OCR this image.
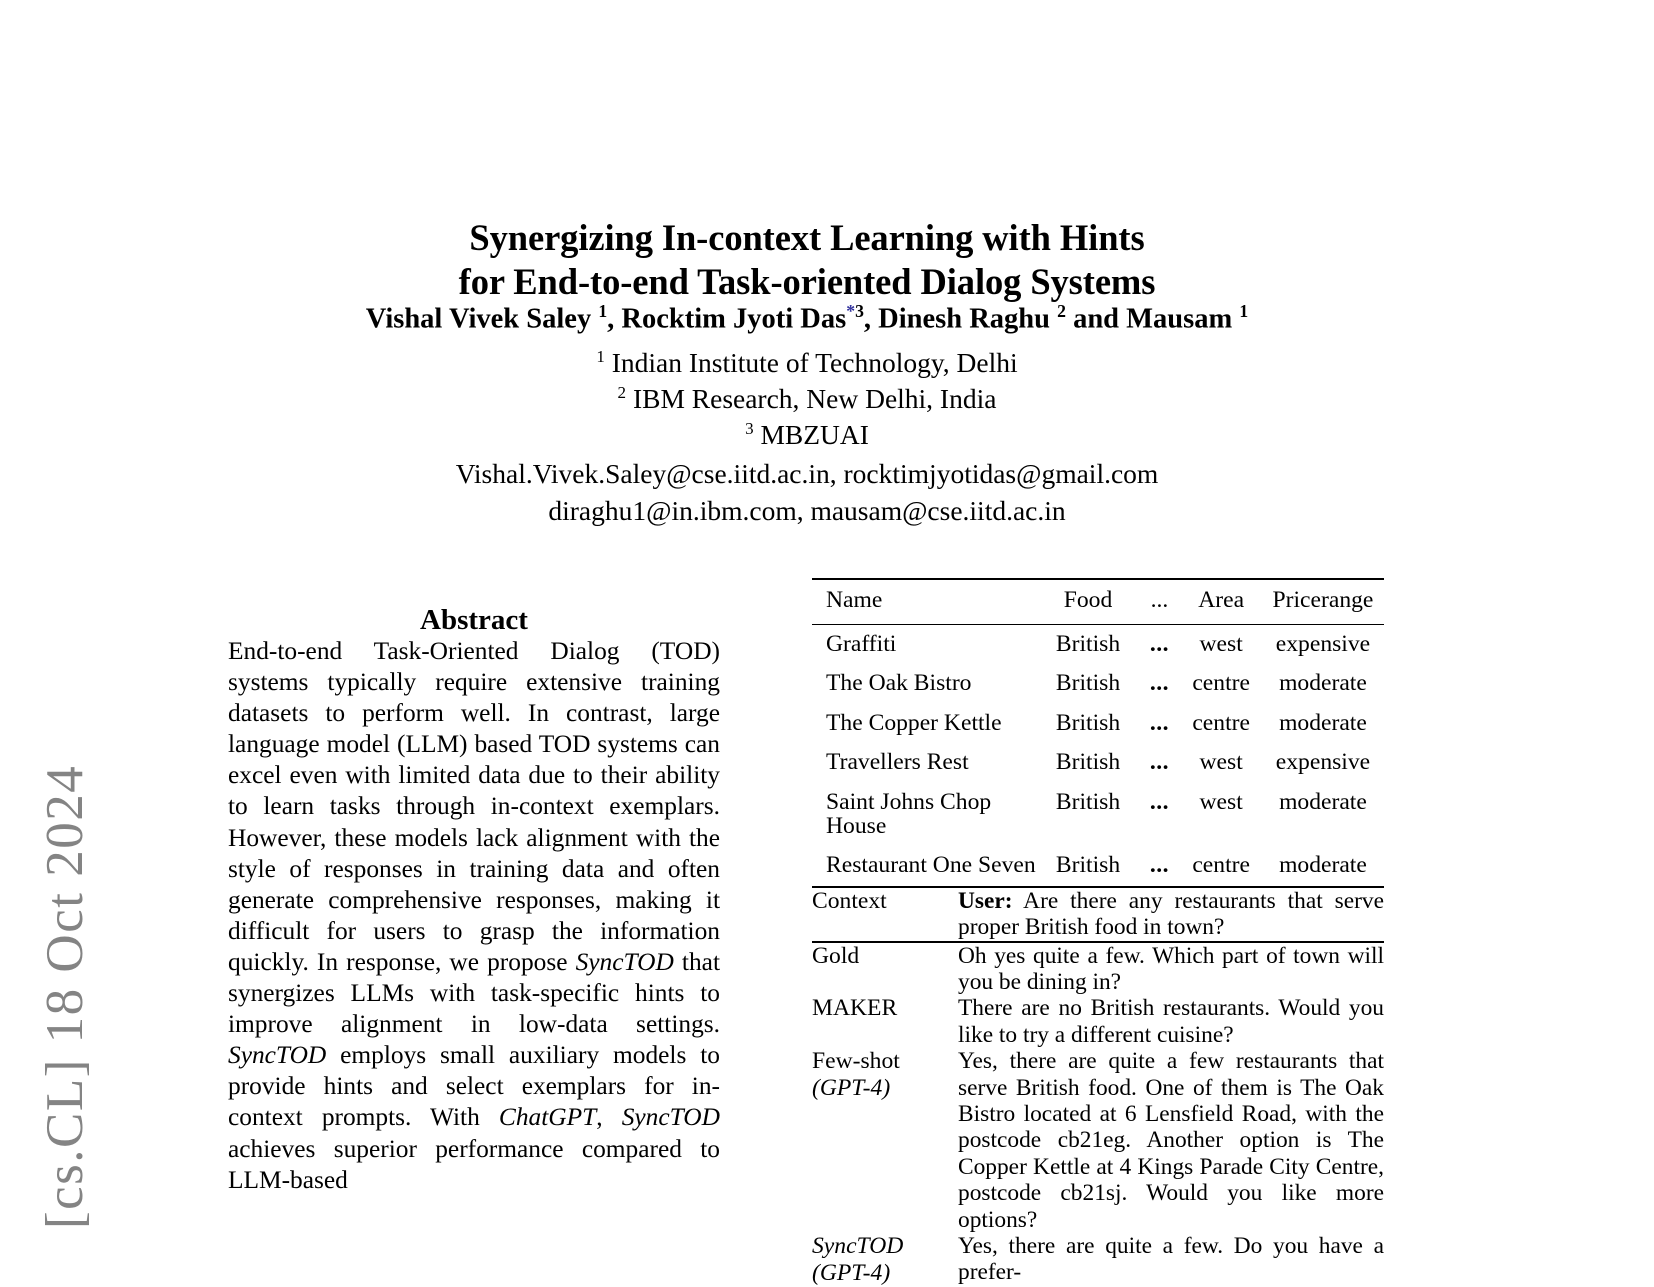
[cs.CL] 18 Oct 2024
Synergizing In-context Learning with Hints
for End-to-end Task-oriented Dialog Systems
Vishal Vivek Saley $^1$, Rocktim Jyoti Das$^{*3}$, Dinesh Raghu $^2$ and Mausam $^1$
$^1$ Indian Institute of Technology, Delhi
$^2$ IBM Research, New Delhi, India
$^3$ MBZUAI
Vishal.Vivek.Saley@cse.iitd.ac.in, rocktimjyotidas@gmail.com
diraghu1@in.ibm.com, mausam@cse.iitd.ac.in
Abstract
End-to-end Task-Oriented Dialog (TOD) systems typically require extensive training datasets to perform well. In contrast, large language model (LLM) based TOD systems can excel even with limited data due to their ability to learn tasks through in-context exemplars. However, these models lack alignment with the style of responses in training data and often generate comprehensive responses, making it difficult for users to grasp the information quickly. In response, we propose SyncTOD that synergizes LLMs with task-specific hints to improve alignment in low-data settings. SyncTOD employs small auxiliary models to provide hints and select exemplars for in-context prompts. With ChatGPT, SyncTOD achieves superior performance compared to LLM-based
Name	Food	...	Area	Pricerange
Graffiti	British	...	west	expensive
The Oak Bistro	British	...	centre	moderate
The Copper Kettle	British	...	centre	moderate
Travellers Rest	British	...	west	expensive
Saint Johns Chop House	British	...	west	moderate
Restaurant One Seven	British	...	centre	moderate
Context		User: Are there any restaurants that serve proper British food in town?
Gold		Oh yes quite a few. Which part of town will you be dining in?
MAKER		There are no British restaurants. Would you like to try a different cuisine?
Few-shot
(GPT-4)		Yes, there are quite a few restaurants that serve British food. One of them is The Oak Bistro located at 6 Lensfield Road, with the postcode cb21eg. Another option is The Copper Kettle at 4 Kings Parade City Centre, postcode cb21sj. Would you like more options?
SyncTOD
(GPT-4)		Yes, there are quite a few. Do you have a prefer-
